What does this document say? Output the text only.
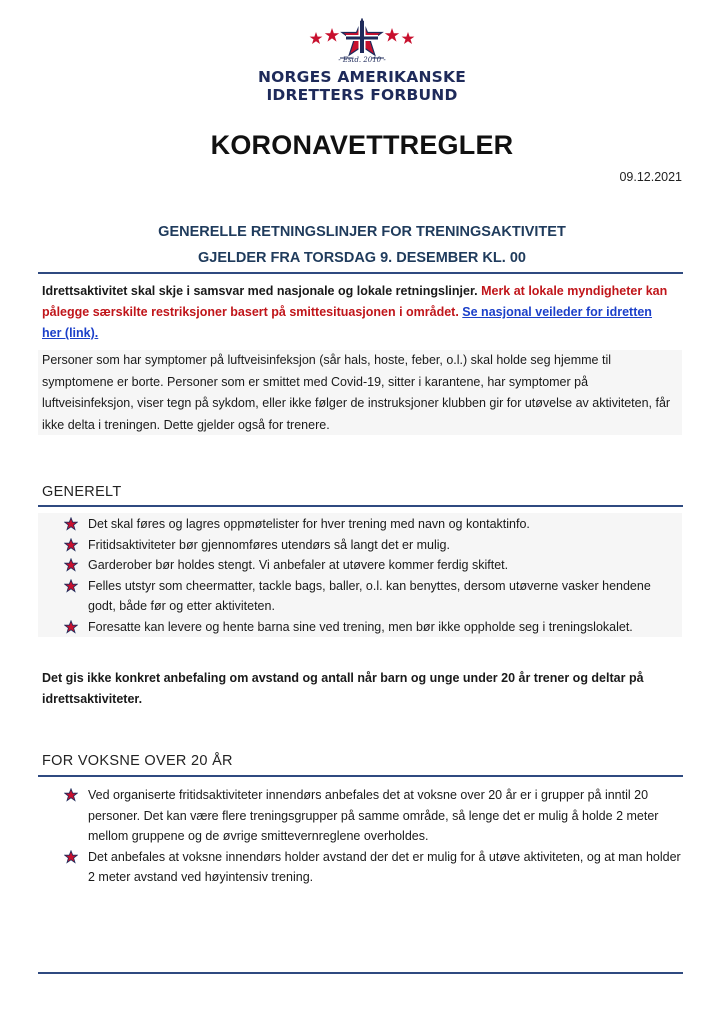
- Estd. 2010 -
NORGES AMERIKANSKE
IDRETTERS FORBUND
KORONAVETTREGLER
09.12.2021
GENERELLE RETNINGSLINJER FOR TRENINGSAKTIVITET
GJELDER FRA TORSDAG 9. DESEMBER KL. 00
Idrettsaktivitet skal skje i samsvar med nasjonale og lokale retningslinjer. Merk at lokale myndigheter kan pålegge særskilte restriksjoner basert på smittesituasjonen i området. Se nasjonal veileder for idretten her (link).
Personer som har symptomer på luftveisinfeksjon (sår hals, hoste, feber, o.l.) skal holde seg hjemme til symptomene er borte. Personer som er smittet med Covid-19, sitter i karantene, har symptomer på luftveisinfeksjon, viser tegn på sykdom, eller ikke følger de instruksjoner klubben gir for utøvelse av aktiviteten, får ikke delta i treningen. Dette gjelder også for trenere.
GENERELT
Det skal føres og lagres oppmøtelister for hver trening med navn og kontaktinfo.
Fritidsaktiviteter bør gjennomføres utendørs så langt det er mulig.
Garderober bør holdes stengt. Vi anbefaler at utøvere kommer ferdig skiftet.
Felles utstyr som cheermatter, tackle bags, baller, o.l. kan benyttes, dersom utøverne vasker hendene godt, både før og etter aktiviteten.
Foresatte kan levere og hente barna sine ved trening, men bør ikke oppholde seg i treningslokalet.
Det gis ikke konkret anbefaling om avstand og antall når barn og unge under 20 år trener og deltar på idrettsaktiviteter.
FOR VOKSNE OVER 20 ÅR
Ved organiserte fritidsaktiviteter innendørs anbefales det at voksne over 20 år er i grupper på inntil 20 personer. Det kan være flere treningsgrupper på samme område, så lenge det er mulig å holde 2 meter mellom gruppene og de øvrige smittevernreglene overholdes.
Det anbefales at voksne innendørs holder avstand der det er mulig for å utøve aktiviteten, og at man holder 2 meter avstand ved høyintensiv trening.
